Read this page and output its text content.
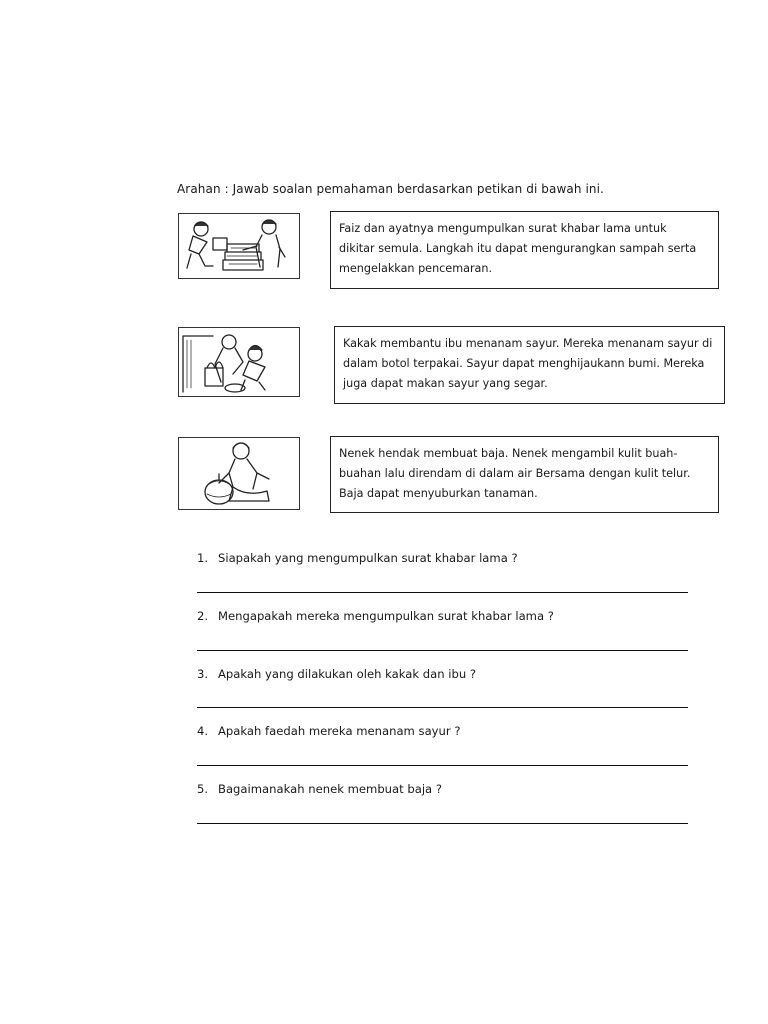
Arahan : Jawab soalan pemahaman berdasarkan petikan di bawah ini.
Faiz dan ayatnya mengumpulkan surat khabar lama untuk
dikitar semula. Langkah itu dapat mengurangkan sampah serta
mengelakkan pencemaran.
Kakak membantu ibu menanam sayur. Mereka menanam sayur di
dalam botol terpakai. Sayur dapat menghijaukann bumi. Mereka
juga dapat makan sayur yang segar.
Nenek hendak membuat baja. Nenek mengambil kulit buah-
buahan lalu direndam di dalam air Bersama dengan kulit telur.
Baja dapat menyuburkan tanaman.
1. Siapakah yang mengumpulkan surat khabar lama ?
2. Mengapakah mereka mengumpulkan surat khabar lama ?
3. Apakah yang dilakukan oleh kakak dan ibu ?
4. Apakah faedah mereka menanam sayur ?
5. Bagaimanakah nenek membuat baja ?
